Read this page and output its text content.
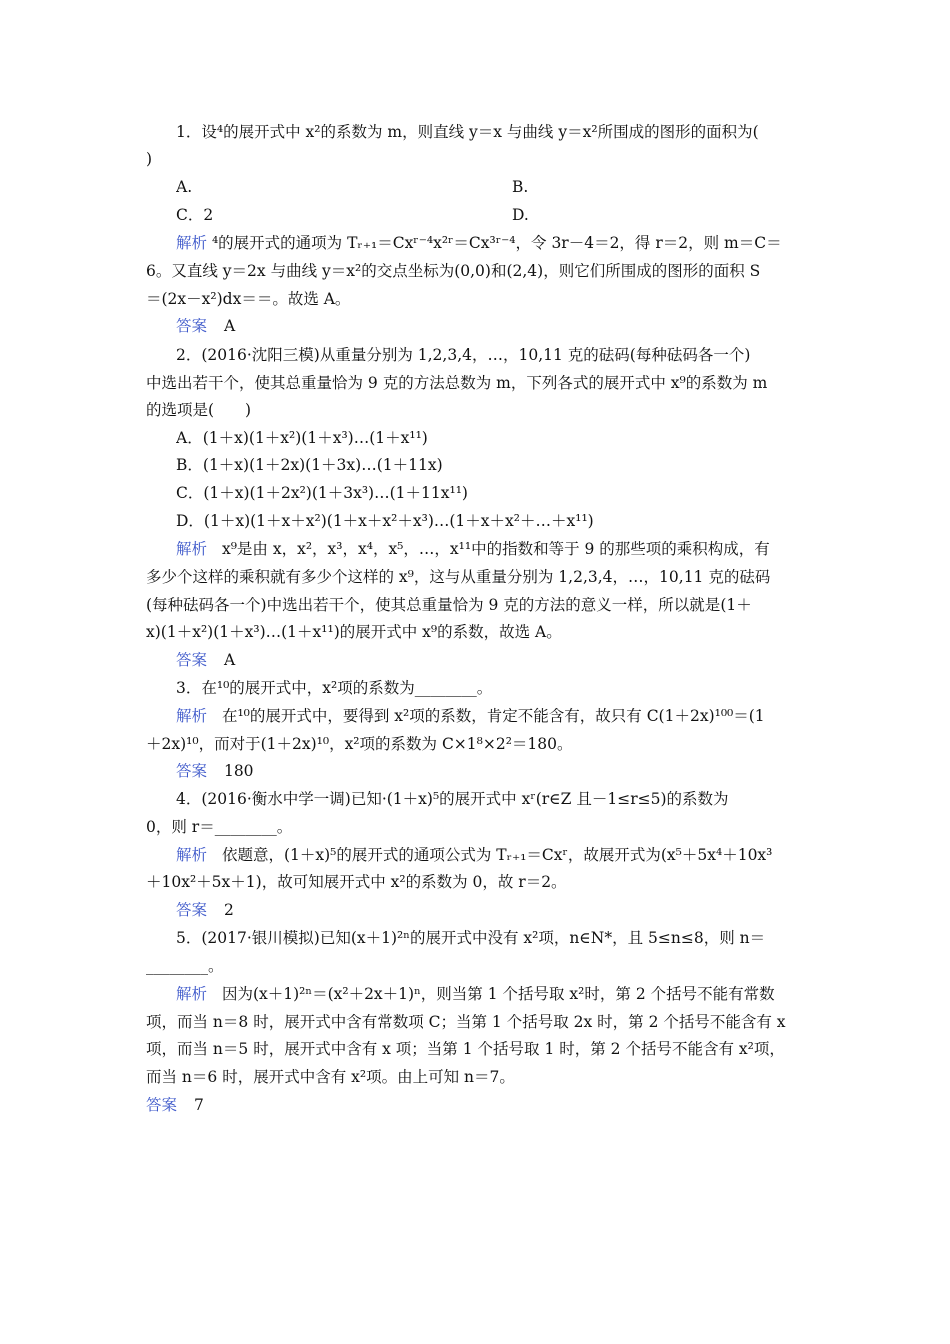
1．设⁴的展开式中 x²的系数为 m，则直线 y＝x 与曲线 y＝x²所围成的图形的面积为(
)
A.	B.
C．2	D.
解析 ⁴的展开式的通项为 Tᵣ₊₁＝Cxʳ⁻⁴x²ʳ＝Cx³ʳ⁻⁴，令 3r－4＝2，得 r＝2，则 m＝C＝
6。又直线 y＝2x 与曲线 y＝x²的交点坐标为(0,0)和(2,4)，则它们所围成的图形的面积 S
＝(2x－x²)dx＝＝。故选 A。
答案 A
2．(2016·沈阳三模)从重量分别为 1,2,3,4，…，10,11 克的砝码(每种砝码各一个)
中选出若干个，使其总重量恰为 9 克的方法总数为 m，下列各式的展开式中 x⁹的系数为 m
的选项是(　　)
A．(1＋x)(1＋x²)(1＋x³)…(1＋x¹¹)
B．(1＋x)(1＋2x)(1＋3x)…(1＋11x)
C．(1＋x)(1＋2x²)(1＋3x³)…(1＋11x¹¹)
D．(1＋x)(1＋x＋x²)(1＋x＋x²＋x³)…(1＋x＋x²＋…＋x¹¹)
解析 x⁹是由 x，x²，x³，x⁴，x⁵，…，x¹¹中的指数和等于 9 的那些项的乘积构成，有
多少个这样的乘积就有多少个这样的 x⁹，这与从重量分别为 1,2,3,4，…，10,11 克的砝码
(每种砝码各一个)中选出若干个，使其总重量恰为 9 克的方法的意义一样，所以就是(1＋
x)(1＋x²)(1＋x³)…(1＋x¹¹)的展开式中 x⁹的系数，故选 A。
答案 A
3．在¹⁰的展开式中，x²项的系数为________。
解析 在¹⁰的展开式中，要得到 x²项的系数，肯定不能含有，故只有 C(1＋2x)¹⁰⁰＝(1
＋2x)¹⁰，而对于(1＋2x)¹⁰，x²项的系数为 C×1⁸×2²＝180。
答案 180
4．(2016·衡水中学一调)已知·(1＋x)⁵的展开式中 xʳ(r∈Z 且－1≤r≤5)的系数为
0，则 r＝________。
解析 依题意，(1＋x)⁵的展开式的通项公式为 Tᵣ₊₁＝Cxʳ，故展开式为(x⁵＋5x⁴＋10x³
＋10x²＋5x＋1)，故可知展开式中 x²的系数为 0，故 r＝2。
答案 2
5．(2017·银川模拟)已知(x＋1)²ⁿ的展开式中没有 x²项，n∈N*，且 5≤n≤8，则 n＝
________。
解析 因为(x＋1)²ⁿ＝(x²＋2x＋1)ⁿ，则当第 1 个括号取 x²时，第 2 个括号不能有常数
项，而当 n＝8 时，展开式中含有常数项 C；当第 1 个括号取 2x 时，第 2 个括号不能含有 x
项，而当 n＝5 时，展开式中含有 x 项；当第 1 个括号取 1 时，第 2 个括号不能含有 x²项，
而当 n＝6 时，展开式中含有 x²项。由上可知 n＝7。
答案 7
